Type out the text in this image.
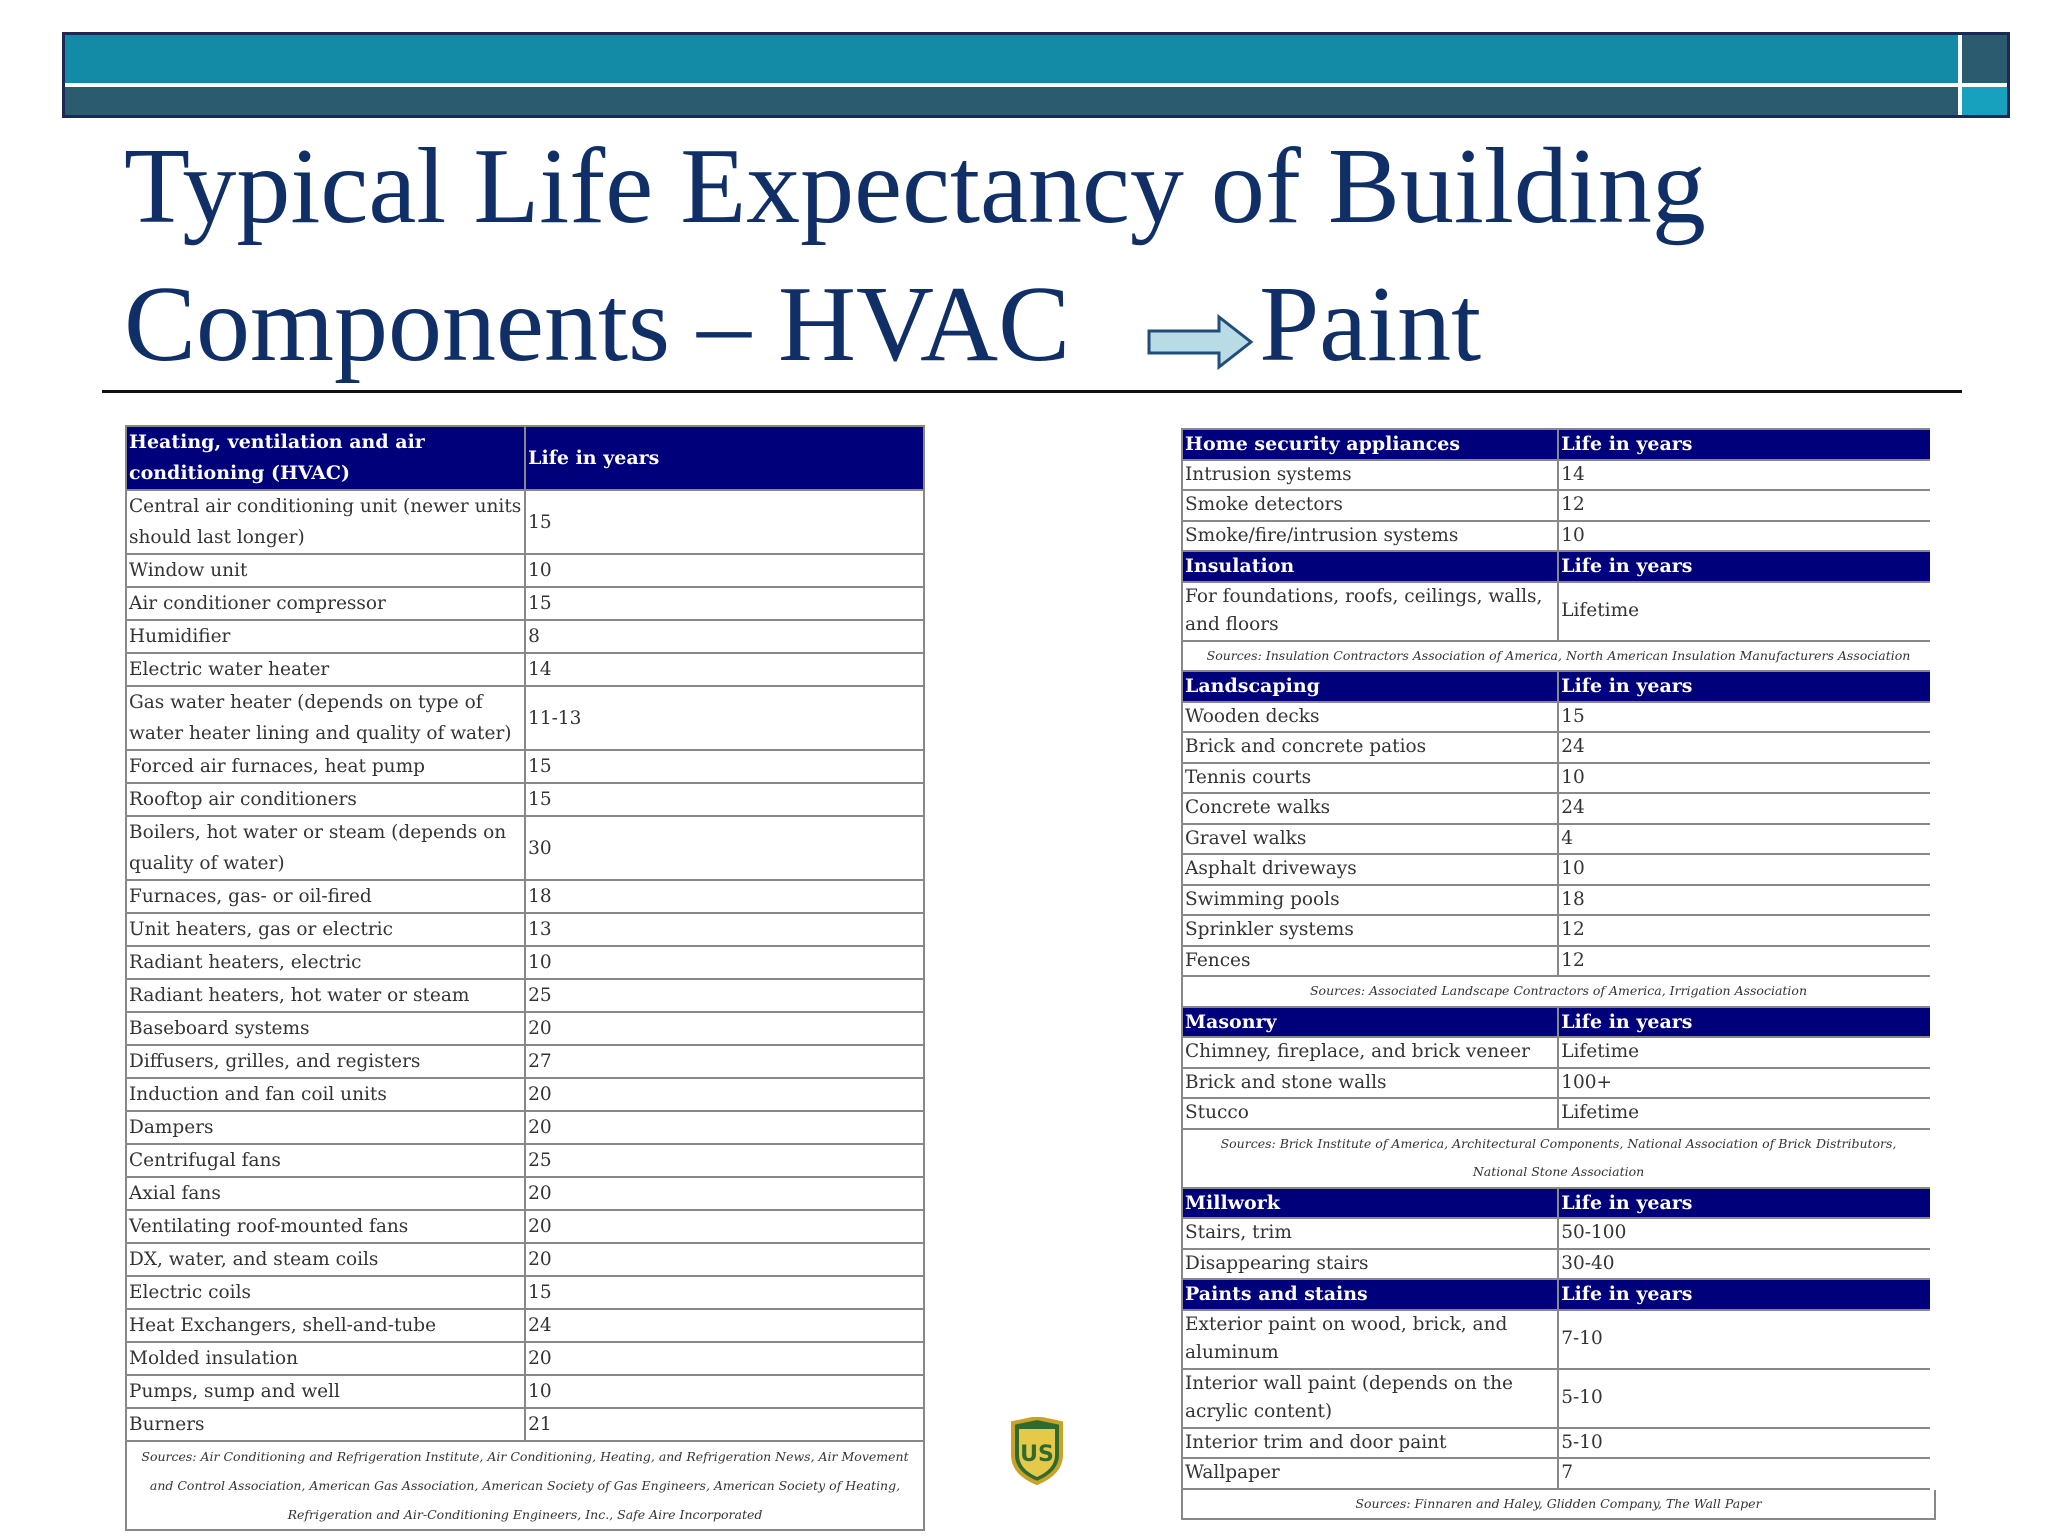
Typical Life Expectancy of Building
Components – HVAC Paint
Heating, ventilation and air conditioning (HVAC)	Life in years
Central air conditioning unit (newer units should last longer)	15
Window unit	10
Air conditioner compressor	15
Humidifier	8
Electric water heater	14
Gas water heater (depends on type of water heater lining and quality of water)	11-13
Forced air furnaces, heat pump	15
Rooftop air conditioners	15
Boilers, hot water or steam (depends on quality of water)	30
Furnaces, gas- or oil-fired	18
Unit heaters, gas or electric	13
Radiant heaters, electric	10
Radiant heaters, hot water or steam	25
Baseboard systems	20
Diffusers, grilles, and registers	27
Induction and fan coil units	20
Dampers	20
Centrifugal fans	25
Axial fans	20
Ventilating roof-mounted fans	20
DX, water, and steam coils	20
Electric coils	15
Heat Exchangers, shell-and-tube	24
Molded insulation	20
Pumps, sump and well	10
Burners	21
Sources: Air Conditioning and Refrigeration Institute, Air Conditioning, Heating, and Refrigeration News, Air Movement and Control Association, American Gas Association, American Society of Gas Engineers, American Society of Heating, Refrigeration and Air-Conditioning Engineers, Inc., Safe Aire Incorporated	
Home security appliances	Life in years
Intrusion systems	14
Smoke detectors	12
Smoke/fire/intrusion systems	10
Insulation	Life in years
For foundations, roofs, ceilings, walls, and floors	Lifetime
Sources: Insulation Contractors Association of America, North American Insulation Manufacturers Association	
Landscaping	Life in years
Wooden decks	15
Brick and concrete patios	24
Tennis courts	10
Concrete walks	24
Gravel walks	4
Asphalt driveways	10
Swimming pools	18
Sprinkler systems	12
Fences	12
Sources: Associated Landscape Contractors of America, Irrigation Association	
Masonry	Life in years
Chimney, fireplace, and brick veneer	Lifetime
Brick and stone walls	100+
Stucco	Lifetime
Sources: Brick Institute of America, Architectural Components, National Association of Brick Distributors, National Stone Association	
Millwork	Life in years
Stairs, trim	50-100
Disappearing stairs	30-40
Paints and stains	Life in years
Exterior paint on wood, brick, and aluminum	7-10
Interior wall paint (depends on the acrylic content)	5-10
Interior trim and door paint	5-10
Wallpaper	7
Sources: Finnaren and Haley, Glidden Company, The Wall Paper	
US
